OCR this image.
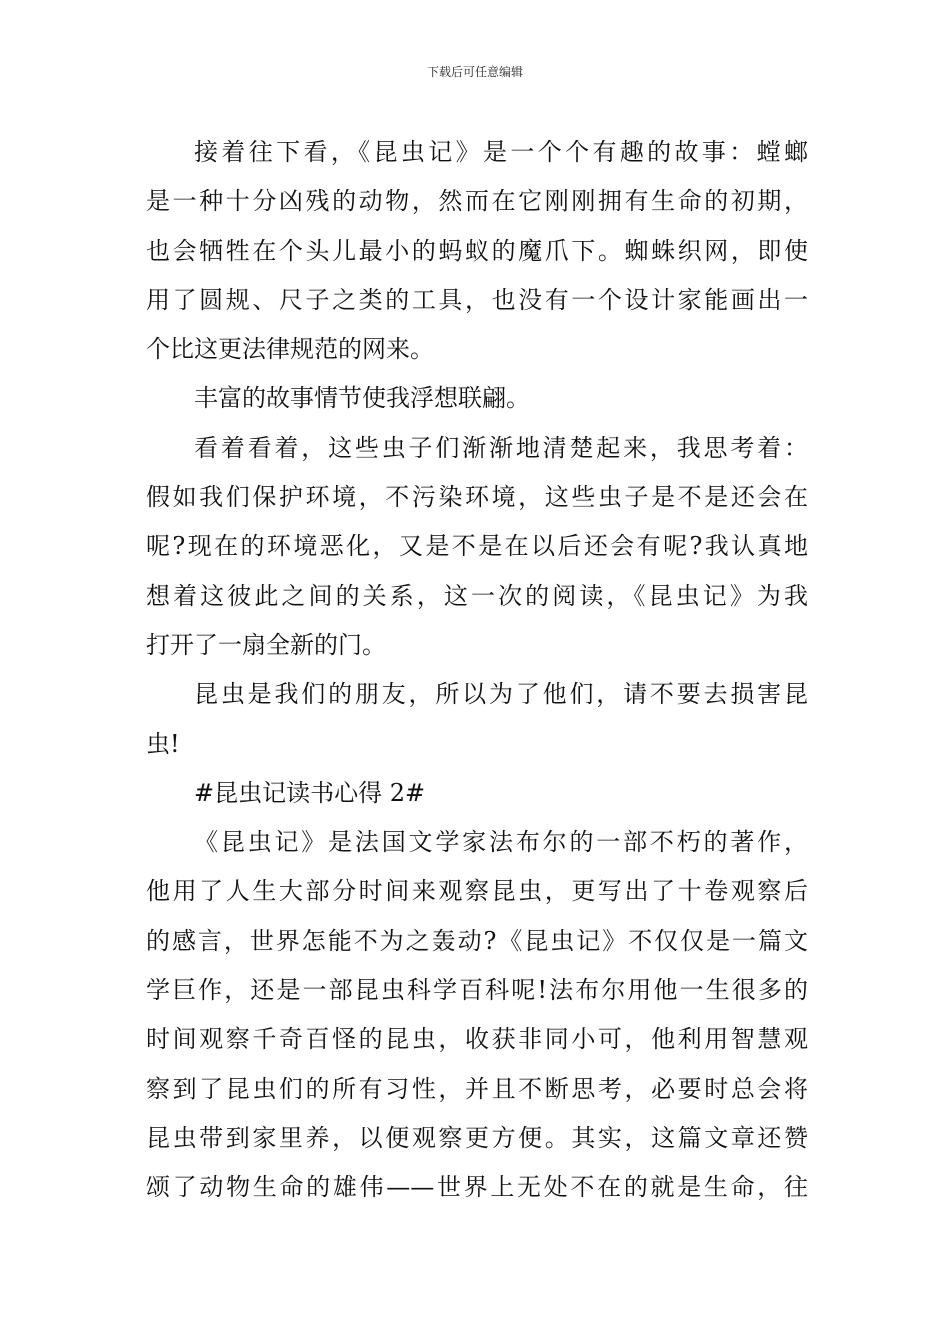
下载后可任意编辑
接着往下看，《昆虫记》是一个个有趣的故事：螳螂
是一种十分凶残的动物，然而在它刚刚拥有生命的初期，
也会牺牲在个头儿最小的蚂蚁的魔爪下。蜘蛛织网，即使
用了圆规、尺子之类的工具，也没有一个设计家能画出一
个比这更法律规范的网来。
丰富的故事情节使我浮想联翩。
看着看着，这些虫子们渐渐地清楚起来，我思考着：
假如我们保护环境，不污染环境，这些虫子是不是还会在
呢?现在的环境恶化，又是不是在以后还会有呢?我认真地
想着这彼此之间的关系，这一次的阅读，《昆虫记》为我
打开了一扇全新的门。
昆虫是我们的朋友，所以为了他们，请不要去损害昆
虫!
#昆虫记读书心得 2#
《昆虫记》是法国文学家法布尔的一部不朽的著作，
他用了人生大部分时间来观察昆虫，更写出了十卷观察后
的感言，世界怎能不为之轰动?《昆虫记》不仅仅是一篇文
学巨作，还是一部昆虫科学百科呢!法布尔用他一生很多的
时间观察千奇百怪的昆虫，收获非同小可，他利用智慧观
察到了昆虫们的所有习性，并且不断思考，必要时总会将
昆虫带到家里养，以便观察更方便。其实，这篇文章还赞
颂了动物生命的雄伟——世界上无处不在的就是生命，往
